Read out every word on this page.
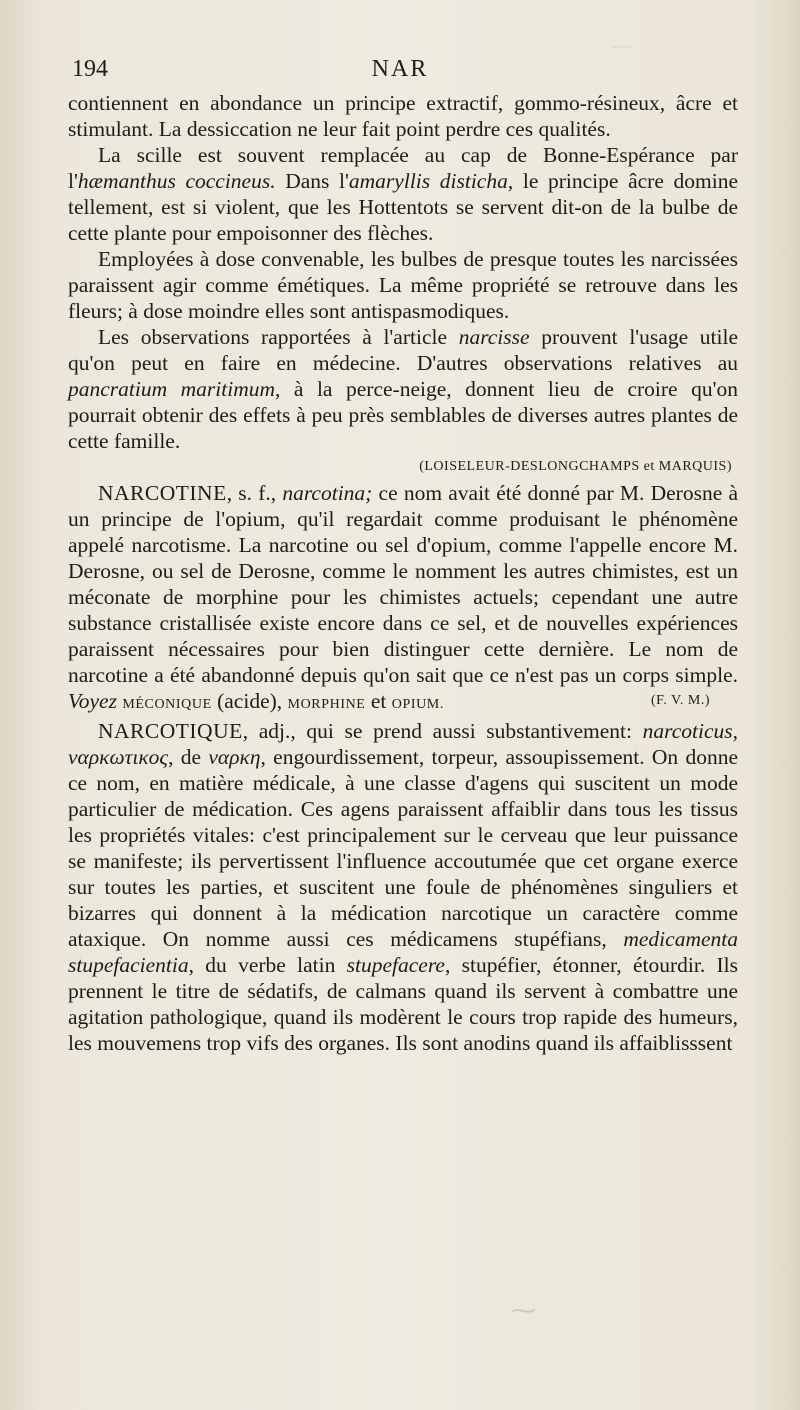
﹏
194	NAR

contiennent en abondance un principe extractif, gommo-résineux, âcre et stimulant. La dessiccation ne leur fait point perdre ces qualités.

La scille est souvent remplacée au cap de Bonne-Espérance par l'hæmanthus coccineus. Dans l'amaryllis disticha, le principe âcre domine tellement, est si violent, que les Hottentots se servent dit-on de la bulbe de cette plante pour empoisonner des flèches.

Employées à dose convenable, les bulbes de presque toutes les narcissées paraissent agir comme émétiques. La même propriété se retrouve dans les fleurs; à dose moindre elles sont antispasmodiques.

Les observations rapportées à l'article narcisse prouvent l'usage utile qu'on peut en faire en médecine. D'autres observations relatives au pancratium maritimum, à la perce-neige, donnent lieu de croire qu'on pourrait obtenir des effets à peu près semblables de diverses autres plantes de cette famille.

(LOISELEUR-DESLONGCHAMPS et MARQUIS)

NARCOTINE, s. f., narcotina; ce nom avait été donné par M. Derosne à un principe de l'opium, qu'il regardait comme produisant le phénomène appelé narcotisme. La narcotine ou sel d'opium, comme l'appelle encore M. Derosne, ou sel de Derosne, comme le nomment les autres chimistes, est un méconate de morphine pour les chimistes actuels; cependant une autre substance cristallisée existe encore dans ce sel, et de nouvelles expériences paraissent nécessaires pour bien distinguer cette dernière. Le nom de narcotine a été abandonné depuis qu'on sait que ce n'est pas un corps simple. Voyez MÉCONIQUE (acide), MORPHINE et OPIUM.	(F. V. M.)

NARCOTIQUE, adj., qui se prend aussi substantivement: narcoticus, ναρκωτικος, de ναρκη, engourdissement, torpeur, assoupissement. On donne ce nom, en matière médicale, à une classe d'agens qui suscitent un mode particulier de médication. Ces agens paraissent affaiblir dans tous les tissus les propriétés vitales: c'est principalement sur le cerveau que leur puissance se manifeste; ils pervertissent l'influence accoutumée que cet organe exerce sur toutes les parties, et suscitent une foule de phénomènes singuliers et bizarres qui donnent à la médication narcotique un caractère comme ataxique. On nomme aussi ces médicamens stupéfians, medicamenta stupefacientia, du verbe latin stupefacere, stupéfier, étonner, étourdir. Ils prennent le titre de sédatifs, de calmans quand ils servent à combattre une agitation pathologique, quand ils modèrent le cours trop rapide des humeurs, les mouvemens trop vifs des organes. Ils sont anodins quand ils affaiblisssent

⁓
